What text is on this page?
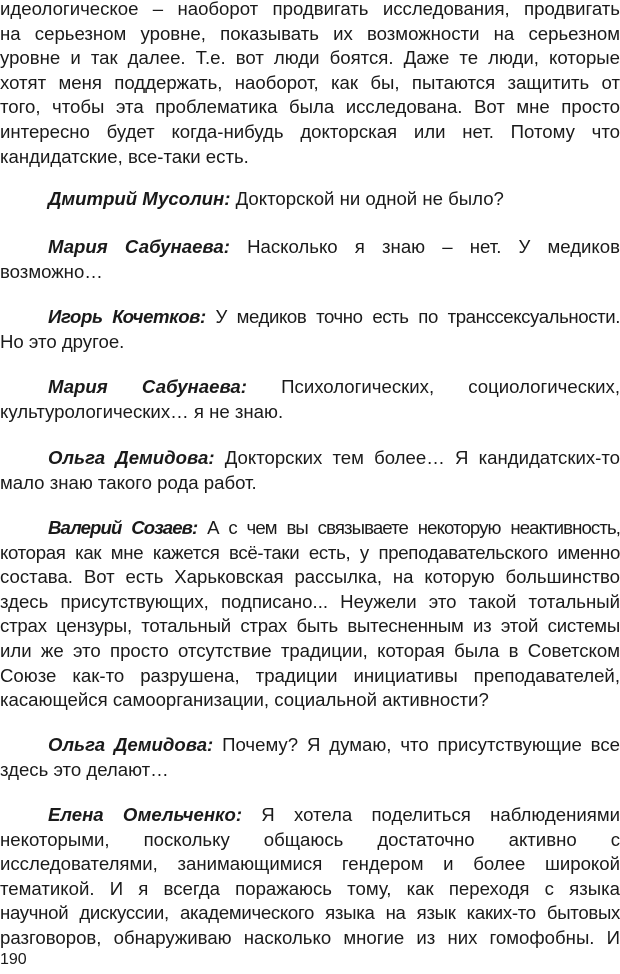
идеологическое – наоборот продвигать исследования, продвигать
на серьезном уровне, показывать их возможности на серьезном
уровне и так далее. Т.е. вот люди боятся. Даже те люди, которые
хотят меня поддержать, наоборот, как бы, пытаются защитить от
того, чтобы эта проблематика была исследована. Вот мне просто
интересно будет когда-нибудь докторская или нет. Потому что
кандидатские, все-таки есть.
Дмитрий Мусолин: Докторской ни одной не было?
Мария Сабунаева: Насколько я знаю – нет. У медиков
возможно…
Игорь Кочетков: У медиков точно есть по транссексуальности.
Но это другое.
Мария Сабунаева: Психологических, социологических,
культурологических… я не знаю.
Ольга Демидова: Докторских тем более… Я кандидатских-то
мало знаю такого рода работ.
Валерий Созаев: А с чем вы связываете некоторую неактивность,
которая как мне кажется всё-таки есть, у преподавательского именно
состава. Вот есть Харьковская рассылка, на которую большинство
здесь присутствующих, подписано... Неужели это такой тотальный
страх цензуры, тотальный страх быть вытесненным из этой системы
или же это просто отсутствие традиции, которая была в Советском
Союзе как-то разрушена, традиции инициативы преподавателей,
касающейся самоорганизации, социальной активности?
Ольга Демидова: Почему? Я думаю, что присутствующие все
здесь это делают…
Елена Омельченко: Я хотела поделиться наблюдениями
некоторыми, поскольку общаюсь достаточно активно с
исследователями, занимающимися гендером и более широкой
тематикой. И я всегда поражаюсь тому, как переходя с языка
научной дискуссии, академического языка на язык каких-то бытовых
разговоров, обнаруживаю насколько многие из них гомофобны. И
190
